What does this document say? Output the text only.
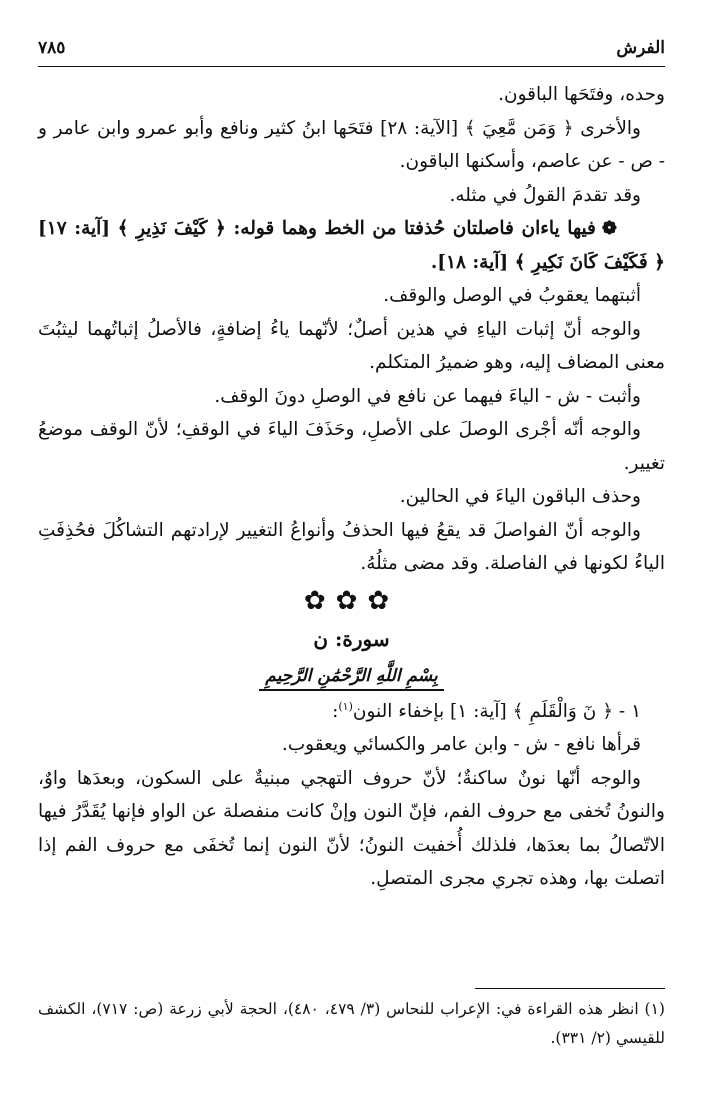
الفرش
٧٨٥

وحده، وفتَحَها الباقون.

والأخرى ﴿ وَمَن مَّعِيَ ﴾ [الآية: ٢٨] فتَحَها ابنُ كثير ونافع وأبو عمرو وابن عامر و - ص - عن عاصم، وأسكنها الباقون.

وقد تقدمَ القولُ في مثله.

❁فيها ياءان فاصلتان حُذفتا من الخط وهما قوله: ﴿ كَيْفَ نَذِيرِ ﴾ [آية: ١٧] ﴿ فَكَيْفَ كَانَ نَكِيرِ ﴾ [آية: ١٨].

أثبتهما يعقوبُ في الوصل والوقف.

والوجه أنّ إثبات الياءِ في هذين أصلٌ؛ لأنّهما ياءُ إضافةٍ، فالأصلُ إثباتُهما ليثبُتَ معنى المضاف إليه، وهو ضميرُ المتكلم.

وأثبت - ش - الياءَ فيهما عن نافع في الوصلِ دونَ الوقف.

والوجه أنّه أجْرى الوصلَ على الأصلِ، وحَذَفَ الياءَ في الوقفِ؛ لأنّ الوقف موضعُ تغيير.

وحذف الباقون الياءَ في الحالين.

والوجه أنّ الفواصلَ قد يقعُ فيها الحذفُ وأنواعُ التغيير لإرادتهم التشاكُلَ فحُذِفَتِ الياءُ لكونها في الفاصلة. وقد مضى مثلُهُ.

✿✿✿
سورة: ن
بِسْمِ اللَّهِ الرَّحْمَٰنِ الرَّحِيمِ

١ - ﴿ نٓ وَالْقَلَمِ ﴾ [آية: ١] بإخفاء النون$^{(١)}$:

قرأها نافع - ش - وابن عامر والكسائي ويعقوب.

والوجه أنّها نونٌ ساكنةٌ؛ لأنّ حروف التهجي مبنيةٌ على السكون، وبعدَها واوٌ، والنونُ تُخفى مع حروف الفم، فإنّ النون وإنْ كانت منفصلة عن الواو فإنها يُقَدَّرُ فيها الاتّصالُ بما بعدَها، فلذلك أُخفيت النونُ؛ لأنّ النون إنما تُخفَى مع حروف الفم إذا اتصلت بها، وهذه تجري مجرى المتصلِ.

(١) انظر هذه القراءة في: الإعراب للنحاس (٣/ ٤٧٩، ٤٨٠)، الحجة لأبي زرعة (ص: ٧١٧)، الكشف للقيسي (٢/ ٣٣١).
